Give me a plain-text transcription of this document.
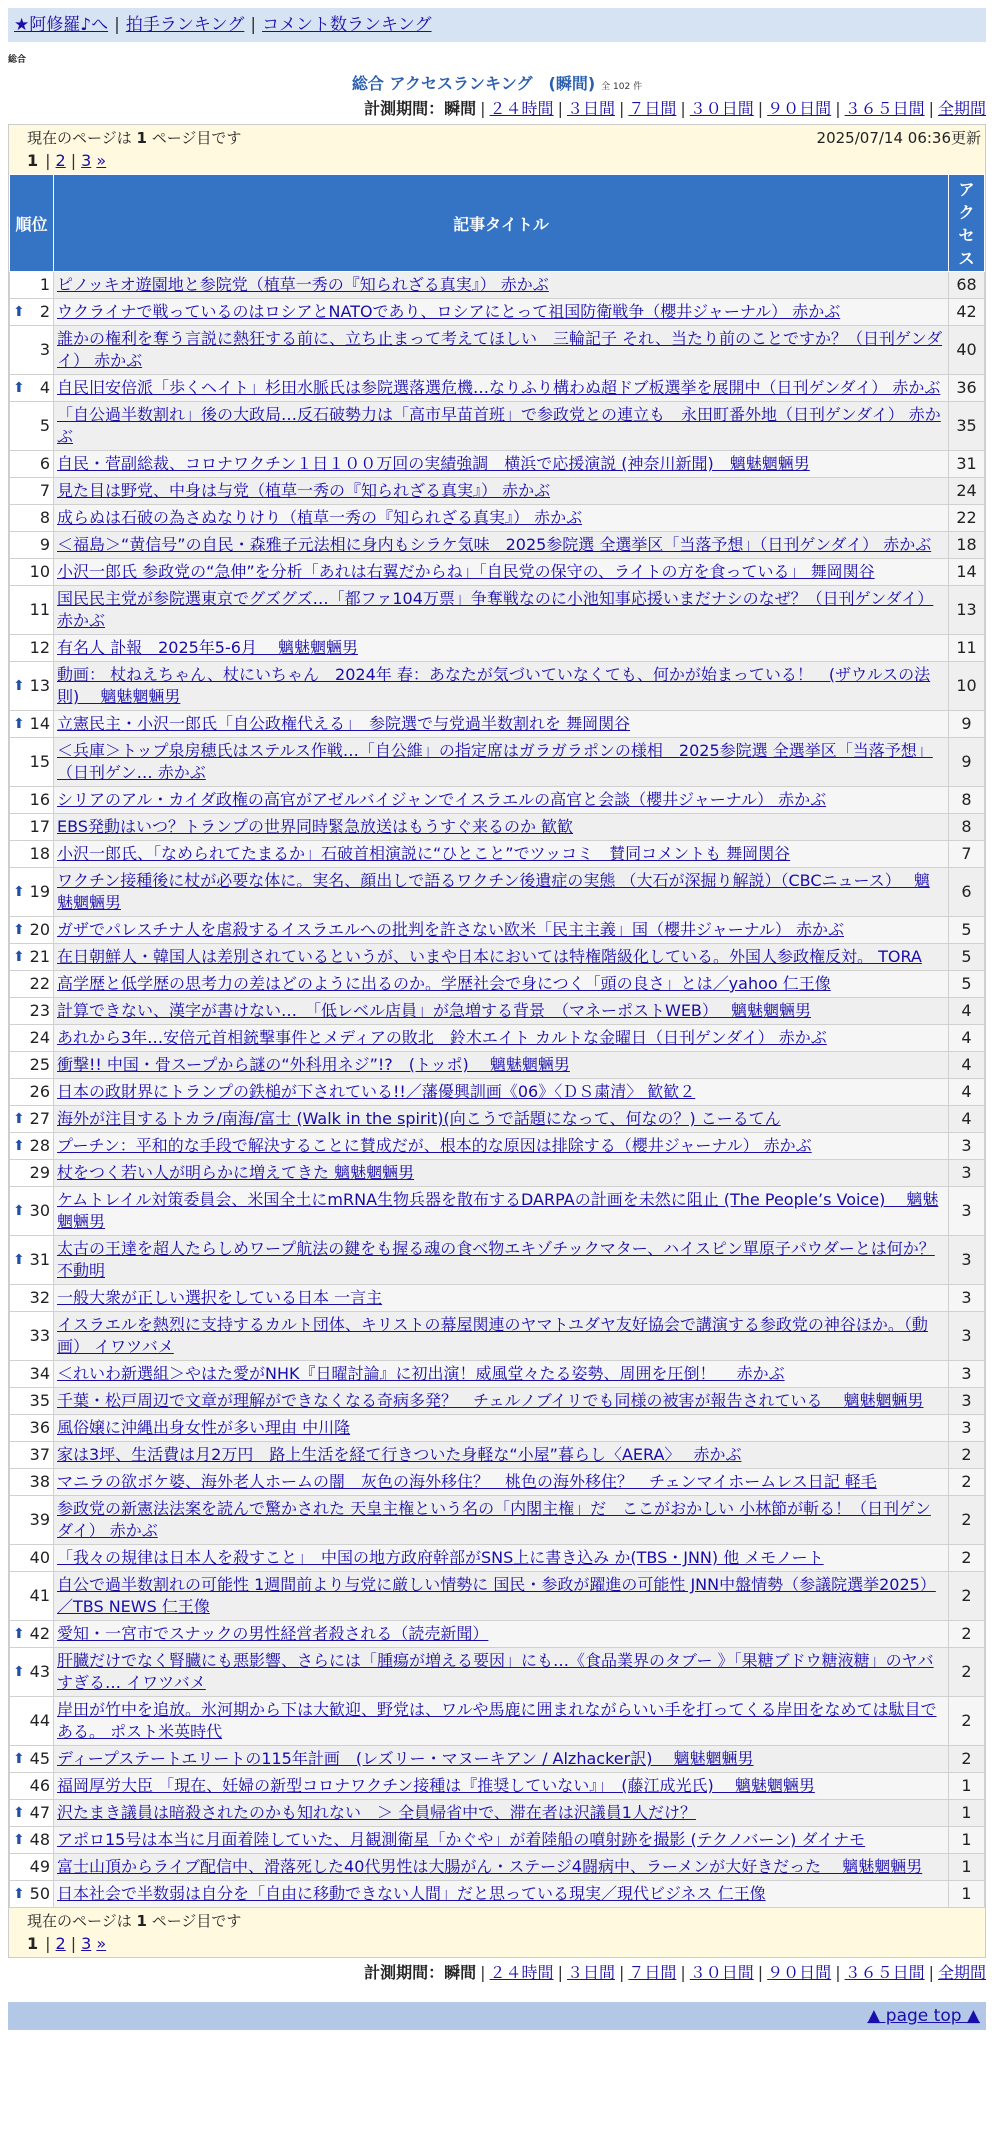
★阿修羅♪へ | 拍手ランキング | コメント数ランキング
総合
総合 アクセスランキング　(瞬間) 全 102 件
計測期間：瞬間 | ２４時間 | ３日間 | ７日間 | ３０日間 | ９０日間 | ３６５日間 | 全期間
現在のページは 1 ページ目です	2025/07/14 06:36更新
1 | 2 | 3 »
順位	記事タイトル	アクセス
1	ピノッキオ遊園地と参院党（植草一秀の『知られざる真実』） 赤かぶ	68

⬆ 2	ウクライナで戦っているのはロシアとNATOであり、ロシアにとって祖国防衛戦争（櫻井ジャーナル） 赤かぶ	42
3	誰かの権利を奪う言説に熱狂する前に、立ち止まって考えてほしい　三輪記子 それ、当たり前のことですか？（日刊ゲンダイ） 赤かぶ	40

⬆ 4	自民旧安倍派「歩くヘイト」杉田水脈氏は参院選落選危機…なりふり構わぬ超ドブ板選挙を展開中（日刊ゲンダイ） 赤かぶ	36
5	「自公過半数割れ」後の大政局…反石破勢力は「高市早苗首班」で参政党との連立も　永田町番外地（日刊ゲンダイ） 赤かぶ	35
6	自民・菅副総裁、コロナワクチン１日１００万回の実績強調　横浜で応援演説 (神奈川新聞)　魑魅魍魎男	31
7	見た目は野党、中身は与党（植草一秀の『知られざる真実』） 赤かぶ	24
8	成らぬは石破の為さぬなりけり（植草一秀の『知られざる真実』） 赤かぶ	22
9	＜福島＞“黄信号”の自民・森雅子元法相に身内もシラケ気味　2025参院選 全選挙区「当落予想」（日刊ゲンダイ） 赤かぶ	18
10	小沢一郎氏 参政党の“急伸”を分析「あれは右翼だからね」「自民党の保守の、ライトの方を食っている」 舞岡関谷	14
11	国民民主党が参院選東京でグズグズ…「都ファ104万票」争奪戦なのに小池知事応援いまだナシのなぜ？（日刊ゲンダイ） 赤かぶ	13
12	有名人 訃報　2025年5-6月　 魑魅魍魎男	11

⬆ 13	動画： 杖ねえちゃん、杖にいちゃん　2024年 春：あなたが気づいていなくても、何かが始まっている！　(ザウルスの法則)　 魑魅魍魎男	10

⬆ 14	立憲民主・小沢一郎氏「自公政権代える」　参院選で与党過半数割れを 舞岡関谷	9
15	＜兵庫＞トップ泉房穂氏はステルス作戦…「自公維」の指定席はガラガラポンの様相　2025参院選 全選挙区「当落予想」（日刊ゲン… 赤かぶ	9
16	シリアのアル・カイダ政権の高官がアゼルバイジャンでイスラエルの高官と会談（櫻井ジャーナル） 赤かぶ	8
17	EBS発動はいつ？トランプの世界同時緊急放送はもうすぐ来るのか 歓歓	8
18	小沢一郎氏、「なめられてたまるか」石破首相演説に“ひとこと”でツッコミ　賛同コメントも 舞岡関谷	7

⬆ 19	ワクチン接種後に杖が必要な体に。実名、顔出しで語るワクチン後遺症の実態 （大石が深掘り解説）（CBCニュース）　 魑魅魍魎男	6

⬆ 20	ガザでパレスチナ人を虐殺するイスラエルへの批判を許さない欧米「民主主義」国（櫻井ジャーナル） 赤かぶ	5

⬆ 21	在日朝鮮人・韓国人は差別されているというが、いまや日本においては特権階級化している。外国人参政権反対。 TORA	5
22	高学歴と低学歴の思考力の差はどのように出るのか。学歴社会で身につく「頭の良さ」とは／yahoo 仁王像	5
23	計算できない、漢字が書けない…　「低レベル店員」が急増する背景　（マネーポストWEB）　 魑魅魍魎男	4
24	あれから3年…安倍元首相銃撃事件とメディアの敗北　鈴木エイト カルトな金曜日（日刊ゲンダイ） 赤かぶ	4
25	衝撃!! 中国・骨スープから謎の“外科用ネジ”!?　(トッポ)　 魑魅魍魎男	4
26	日本の政財界にトランプの鉄槌が下されている!!／藩優興訓画《06》〈ＤＳ粛清〉 歓歓２	4

⬆ 27	海外が注目するトカラ/南海/富士 (Walk in the spirit)(向こうで話題になって、何なの？) こーるてん	4

⬆ 28	プーチン：平和的な手段で解決することに賛成だが、根本的な原因は排除する（櫻井ジャーナル） 赤かぶ	3
29	杖をつく若い人が明らかに増えてきた 魑魅魍魎男	3

⬆ 30	ケムトレイル対策委員会、米国全土にmRNA生物兵器を散布するDARPAの計画を未然に阻止 (The People’s Voice)　 魑魅魍魎男	3

⬆ 31	太古の王達を超人たらしめワープ航法の鍵をも握る魂の食べ物エキゾチックマター、ハイスピン單原子パウダーとは何か？ 不動明	3
32	一般大衆が正しい選択をしている日本 一言主	3
33	イスラエルを熱烈に支持するカルト団体、キリストの幕屋関連のヤマトユダヤ友好協会で講演する参政党の神谷ほか。（動画） イワツバメ	3
34	＜れいわ新選組＞やはた愛がNHK『日曜討論』に初出演！威風堂々たる姿勢、周囲を圧倒！　 赤かぶ	3
35	千葉・松戸周辺で文章が理解ができなくなる奇病多発？　チェルノブイリでも同様の被害が報告されている　 魑魅魍魎男	3
36	風俗嬢に沖縄出身女性が多い理由 中川隆	3
37	家は3坪、生活費は月2万円　路上生活を経て行きついた身軽な“小屋”暮らし〈AERA〉　 赤かぶ	2
38	マニラの欲ボケ婆、海外老人ホームの闇　灰色の海外移住？　桃色の海外移住？　チェンマイホームレス日記 軽毛	2
39	参政党の新憲法法案を読んで驚かされた 天皇主権という名の「内閣主権」だ　ここがおかしい 小林節が斬る！（日刊ゲンダイ） 赤かぶ	2
40	「我々の規律は日本人を殺すこと」　中国の地方政府幹部がSNS上に書き込み か(TBS・JNN) 他 メモノート	2
41	自公で過半数割れの可能性 1週間前より与党に厳しい情勢に 国民・参政が躍進の可能性 JNN中盤情勢（参議院選挙2025）／TBS NEWS 仁王像	2

⬆ 42	愛知・一宮市でスナックの男性経営者殺される（読売新聞）	2

⬆ 43	肝臓だけでなく腎臓にも悪影響、さらには「腫瘍が増える要因」にも…《食品業界のタブー 》「果糖ブドウ糖液糖」のヤバすぎる… イワツバメ	2
44	岸田が竹中を追放。氷河期から下は大歓迎、野党は、ワルや馬鹿に囲まれながらいい手を打ってくる岸田をなめては駄目である。 ポスト米英時代	2

⬆ 45	ディープステートエリートの115年計画　(レズリー・マヌーキアン / Alzhacker訳)　 魑魅魍魎男	2
46	福岡厚労大臣 「現在、妊婦の新型コロナワクチン接種は『推奨していない』」　(藤江成光氏)　 魑魅魍魎男	1

⬆ 47	沢たまき議員は暗殺されたのかも知れない　＞ 全員帰省中で、滞在者は沢議員1人だけ？	1

⬆ 48	アポロ15号は本当に月面着陸していた、月観測衛星「かぐや」が着陸船の噴射跡を撮影 (テクノバーン) ダイナモ	1
49	富士山頂からライブ配信中、滑落死した40代男性は大腸がん・ステージ4闘病中、ラーメンが大好きだった　 魑魅魍魎男	1

⬆ 50	日本社会で半数弱は自分を「自由に移動できない人間」だと思っている現実／現代ビジネス 仁王像	1
現在のページは 1 ページ目です
1 | 2 | 3 »
計測期間：瞬間 | ２４時間 | ３日間 | ７日間 | ３０日間 | ９０日間 | ３６５日間 | 全期間
▲ page top ▲
